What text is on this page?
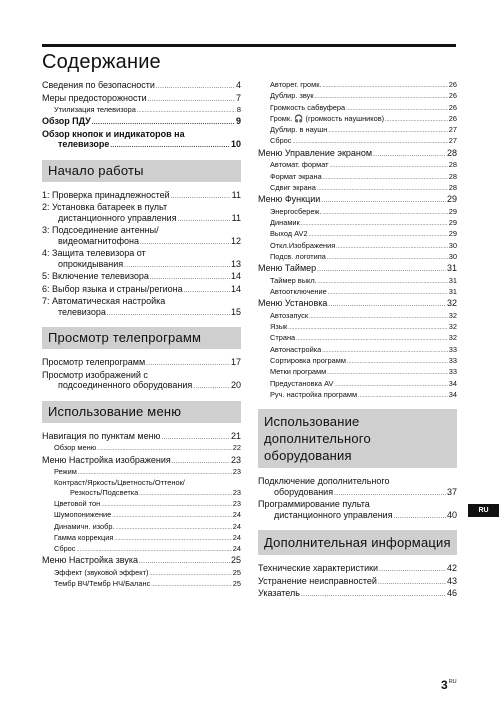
Содержание
Сведения по безопасности . . .	4
Меры предосторожности . . .	7
Утилизация телевизора . . .	8
Обзор ПДУ . . .	9
Обзор кнопок и индикаторов на
телевизоре . . .	10
Начало работы
1: Проверка принадлежностей . . .	11
2: Установка батареек в пульт
дистанционного управления . . .	11
3: Подсоединение антенны/
видеомагнитофона . . .	12
4: Защита телевизора от
опрокидывания . . .	13
5: Включение телевизора . . .	14
6: Выбор языка и страны/региона . . .	14
7: Автоматическая настройка
телевизора . . .	15
Просмотр телепрограмм
Просмотр телепрограмм . . .	17
Просмотр изображений с
подсоединенного оборудования . . .	20
Использование меню
Навигация по пунктам меню . . .	21
Обзор меню . . .	22
Меню Настройка изображения . . .	23
Режим . . .	23
Контраст/Яркость/Цветность/Оттенок/
Резкость/Подсветка . . .	23
Цветовой тон . . .	23
Шумопонижение . . .	24
Динамичн. изобр. . . .	24
Гамма коррекция . . .	24
Сброс . . .	24
Меню Настройка звука . . .	25
Эффект (звуковой эффект) . . .	25
Тембр ВЧ/Тембр НЧ/Баланс . . .	25
Авторег. громк. . . .	26
Дублир. звук . . .	26
Громкость сабвуфера . . .	26
Громк. 🎧 (громкость наушников) . . .	26
Дублир. в наушн . . .	27
Сброс . . .	27
Меню Управление экраном . . .	28
Автомат. формат . . .	28
Формат экрана . . .	28
Сдвиг экрана . . .	28
Меню Функции . . .	29
Энергосбереж. . . .	29
Динамик . . .	29
Выход AV2 . . .	29
Откл.Изображения . . .	30
Подсв. логотипа . . .	30
Меню Таймер . . .	31
Таймер выкл. . . .	31
Автоотключение . . .	31
Меню Установка . . .	32
Автозапуск . . .	32
Язык . . .	32
Страна . . .	32
Автонастройка . . .	33
Сортировка программ . . .	33
Метки программ . . .	33
Предустановка AV . . .	34
Руч. настройка программ . . .	34
Использование дополнительного оборудования
Подключение дополнительного
оборудования . . .	37
Программирование пульта
дистанционного управления . . .	40
Дополнительная информация
Технические характеристики . . .	42
Устранение неисправностей . . .	43
Указатель . . .	46
RU
$3^{RU}$
